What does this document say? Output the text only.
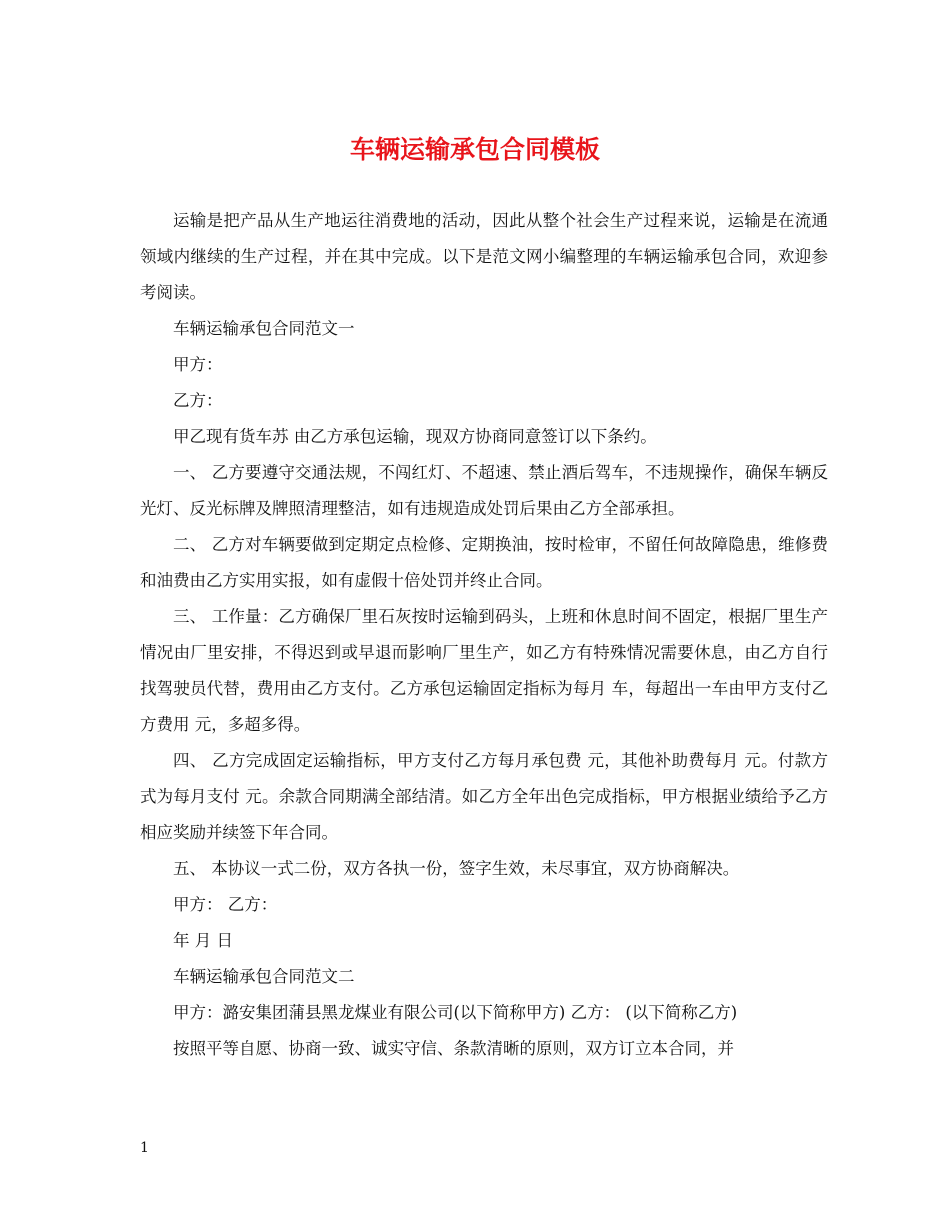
车辆运输承包合同模板

运输是把产品从生产地运往消费地的活动，因此从整个社会生产过程来说，运输是在流通领域内继续的生产过程，并在其中完成。以下是范文网小编整理的车辆运输承包合同，欢迎参考阅读。

车辆运输承包合同范文一

甲方：

乙方：

甲乙现有货车苏 由乙方承包运输，现双方协商同意签订以下条约。

一、 乙方要遵守交通法规，不闯红灯、不超速、禁止酒后驾车，不违规操作，确保车辆反光灯、反光标牌及牌照清理整洁，如有违规造成处罚后果由乙方全部承担。

二、 乙方对车辆要做到定期定点检修、定期换油，按时检审，不留任何故障隐患，维修费和油费由乙方实用实报，如有虚假十倍处罚并终止合同。

三、 工作量：乙方确保厂里石灰按时运输到码头，上班和休息时间不固定，根据厂里生产情况由厂里安排，不得迟到或早退而影响厂里生产，如乙方有特殊情况需要休息，由乙方自行找驾驶员代替，费用由乙方支付。乙方承包运输固定指标为每月 车，每超出一车由甲方支付乙方费用 元，多超多得。

四、 乙方完成固定运输指标，甲方支付乙方每月承包费 元，其他补助费每月 元。付款方式为每月支付 元。余款合同期满全部结清。如乙方全年出色完成指标，甲方根据业绩给予乙方相应奖励并续签下年合同。

五、 本协议一式二份，双方各执一份，签字生效，未尽事宜，双方协商解决。

甲方： 乙方：

年 月 日

车辆运输承包合同范文二

甲方：潞安集团蒲县黑龙煤业有限公司(以下简称甲方) 乙方： (以下简称乙方)

按照平等自愿、协商一致、诚实守信、条款清晰的原则，双方订立本合同，并

1
